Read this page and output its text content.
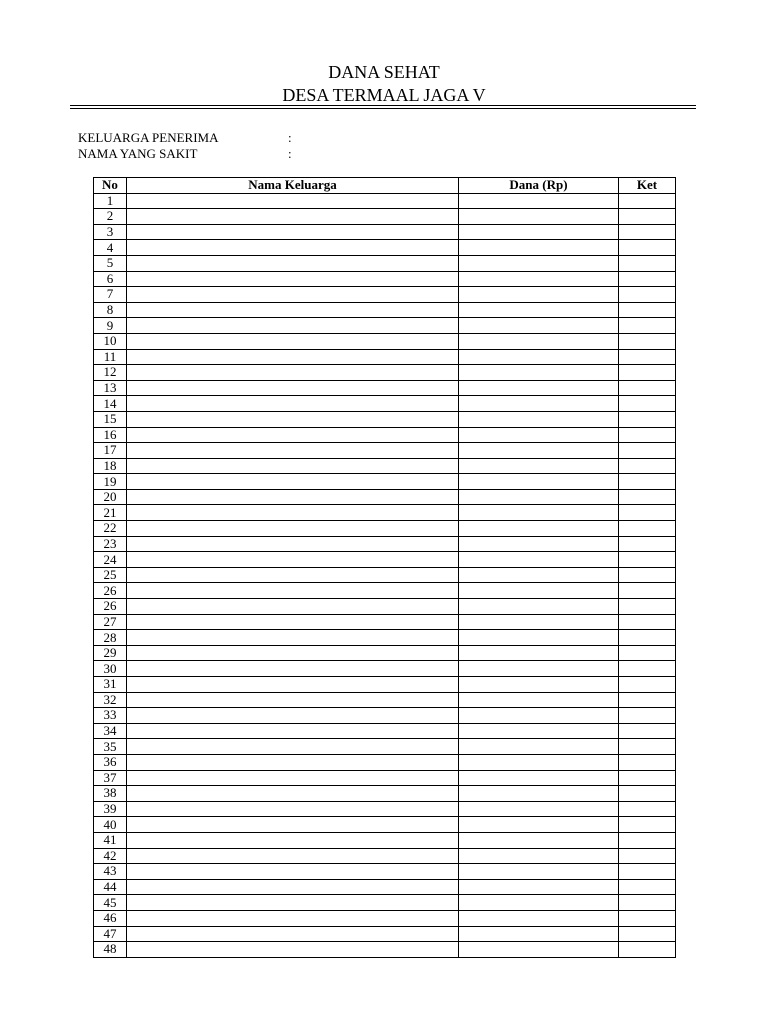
DANA SEHAT
DESA TERMAAL JAGA V
KELUARGA PENERIMA	:
NAMA YANG SAKIT	:
No	Nama Keluarga	Dana (Rp)	Ket
1			
2			
3			
4			
5			
6			
7			
8			
9			
10			
11			
12			
13			
14			
15			
16			
17			
18			
19			
20			
21			
22			
23			
24			
25			
26			
26			
27			
28			
29			
30			
31			
32			
33			
34			
35			
36			
37			
38			
39			
40			
41			
42			
43			
44			
45			
46			
47			
48			
